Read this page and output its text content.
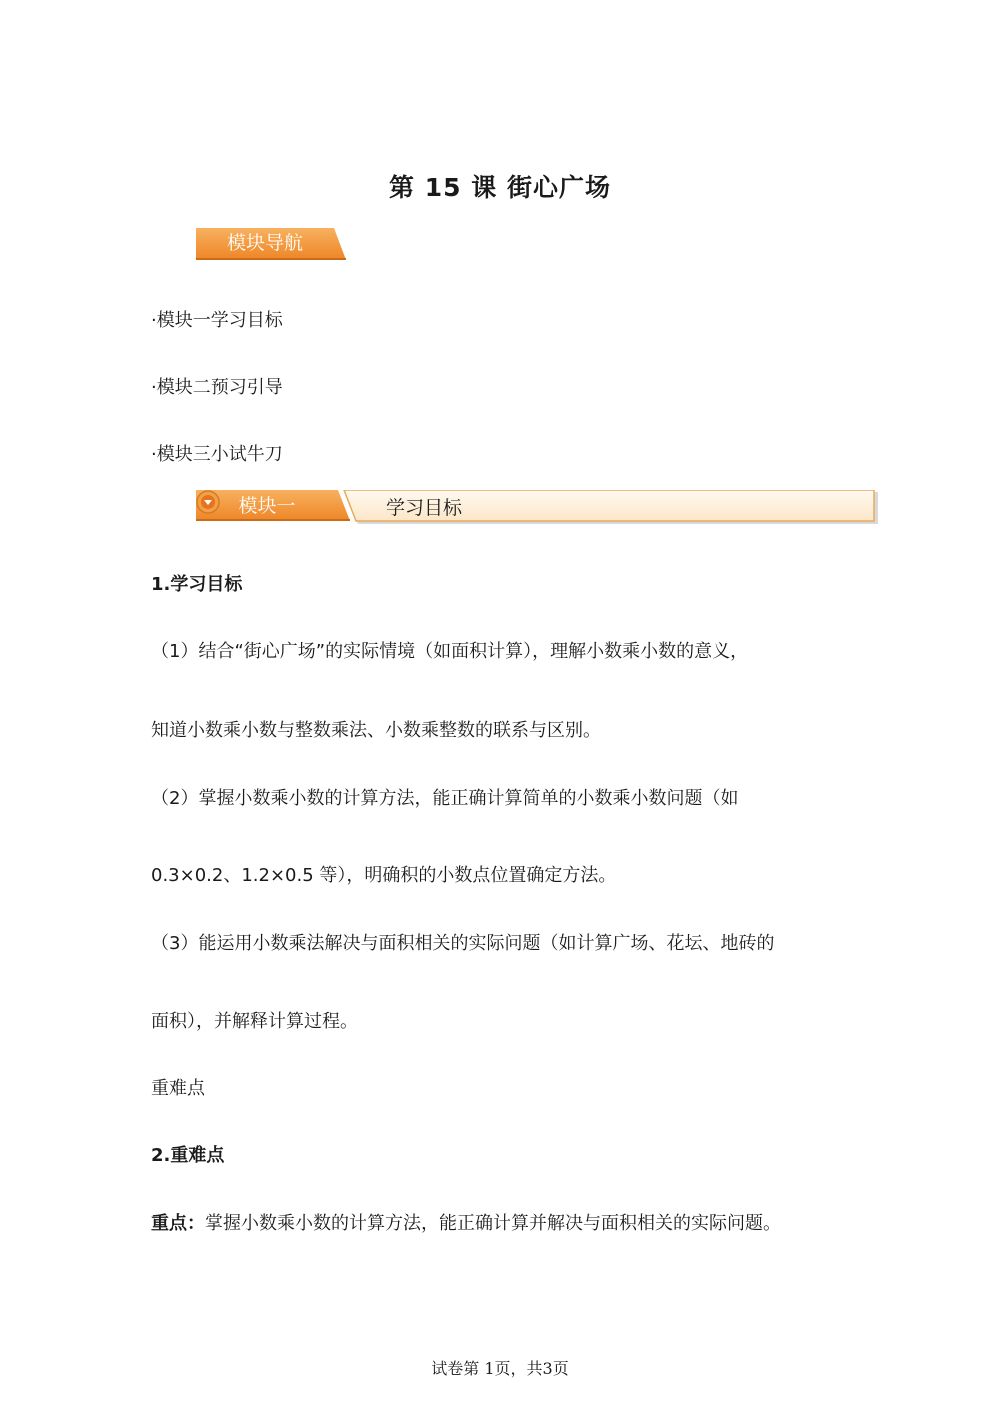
第 15 课 街心广场
模块导航
·模块一学习目标
·模块二预习引导
·模块三小试牛刀
模块一	学习目标
1.学习目标
（1）结合“街心广场”的实际情境（如面积计算），理解小数乘小数的意义，
知道小数乘小数与整数乘法、小数乘整数的联系与区别。
（2）掌握小数乘小数的计算方法，能正确计算简单的小数乘小数问题（如
0.3×0.2、1.2×0.5 等），明确积的小数点位置确定方法。
（3）能运用小数乘法解决与面积相关的实际问题（如计算广场、花坛、地砖的
面积），并解释计算过程。
重难点
2.重难点
重点：掌握小数乘小数的计算方法，能正确计算并解决与面积相关的实际问题。
试卷第 1页，共3页
